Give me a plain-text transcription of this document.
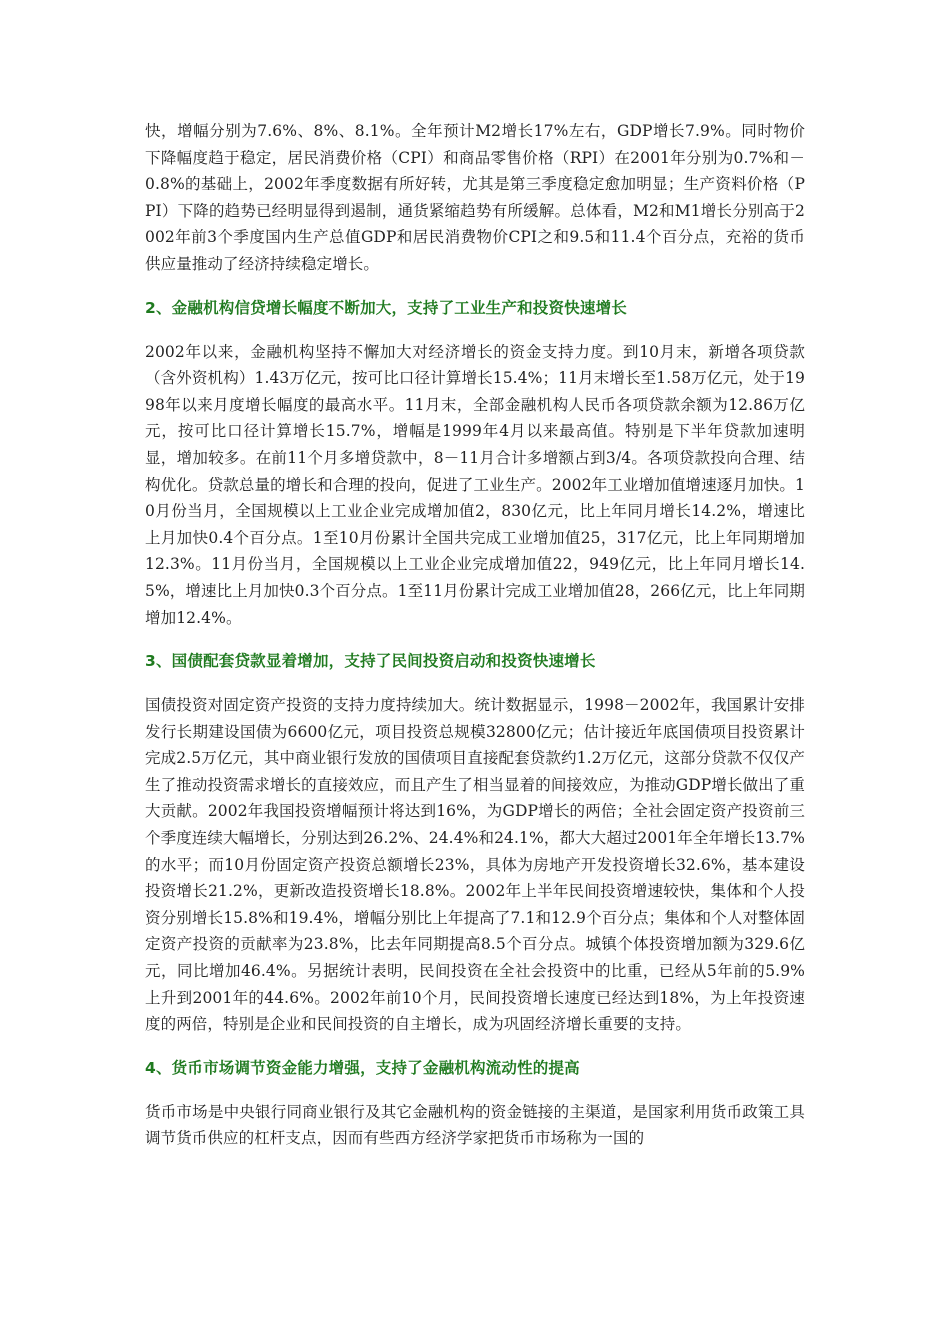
快，增幅分别为7.6%、8%、8.1%。全年预计M2增长17%左右，GDP增长7.9%。同时物价下降幅度趋于稳定，居民消费价格（CPI）和商品零售价格（RPI）在2001年分别为0.7%和－0.8%的基础上，2002年季度数据有所好转，尤其是第三季度稳定愈加明显；生产资料价格（PPI）下降的趋势已经明显得到遏制，通货紧缩趋势有所缓解。总体看，M2和M1增长分别高于2002年前3个季度国内生产总值GDP和居民消费物价CPI之和9.5和11.4个百分点，充裕的货币供应量推动了经济持续稳定增长。

2、金融机构信贷增长幅度不断加大，支持了工业生产和投资快速增长

2002年以来，金融机构坚持不懈加大对经济增长的资金支持力度。到10月末，新增各项贷款（含外资机构）1.43万亿元，按可比口径计算增长15.4%；11月末增长至1.58万亿元，处于1998年以来月度增长幅度的最高水平。11月末，全部金融机构人民币各项贷款余额为12.86万亿元，按可比口径计算增长15.7%，增幅是1999年4月以来最高值。特别是下半年贷款加速明显，增加较多。在前11个月多增贷款中，8－11月合计多增额占到3/4。各项贷款投向合理、结构优化。贷款总量的增长和合理的投向，促进了工业生产。2002年工业增加值增速逐月加快。10月份当月，全国规模以上工业企业完成增加值2，830亿元，比上年同月增长14.2%，增速比上月加快0.4个百分点。1至10月份累计全国共完成工业增加值25，317亿元，比上年同期增加12.3%。11月份当月，全国规模以上工业企业完成增加值22，949亿元，比上年同月增长14.5%，增速比上月加快0.3个百分点。1至11月份累计完成工业增加值28，266亿元，比上年同期增加12.4%。

3、国债配套贷款显着增加，支持了民间投资启动和投资快速增长

国债投资对固定资产投资的支持力度持续加大。统计数据显示，1998－2002年，我国累计安排发行长期建设国债为6600亿元，项目投资总规模32800亿元；估计接近年底国债项目投资累计完成2.5万亿元，其中商业银行发放的国债项目直接配套贷款约1.2万亿元，这部分贷款不仅仅产生了推动投资需求增长的直接效应，而且产生了相当显着的间接效应，为推动GDP增长做出了重大贡献。2002年我国投资增幅预计将达到16%，为GDP增长的两倍；全社会固定资产投资前三个季度连续大幅增长，分别达到26.2%、24.4%和24.1%，都大大超过2001年全年增长13.7%的水平；而10月份固定资产投资总额增长23%，具体为房地产开发投资增长32.6%，基本建设投资增长21.2%，更新改造投资增长18.8%。2002年上半年民间投资增速较快，集体和个人投资分别增长15.8%和19.4%，增幅分别比上年提高了7.1和12.9个百分点；集体和个人对整体固定资产投资的贡献率为23.8%，比去年同期提高8.5个百分点。城镇个体投资增加额为329.6亿元，同比增加46.4%。另据统计表明，民间投资在全社会投资中的比重，已经从5年前的5.9%上升到2001年的44.6%。2002年前10个月，民间投资增长速度已经达到18%，为上年投资速度的两倍，特别是企业和民间投资的自主增长，成为巩固经济增长重要的支持。

4、货币市场调节资金能力增强，支持了金融机构流动性的提高

货币市场是中央银行同商业银行及其它金融机构的资金链接的主渠道，是国家利用货币政策工具调节货币供应的杠杆支点，因而有些西方经济学家把货币市场称为一国的
